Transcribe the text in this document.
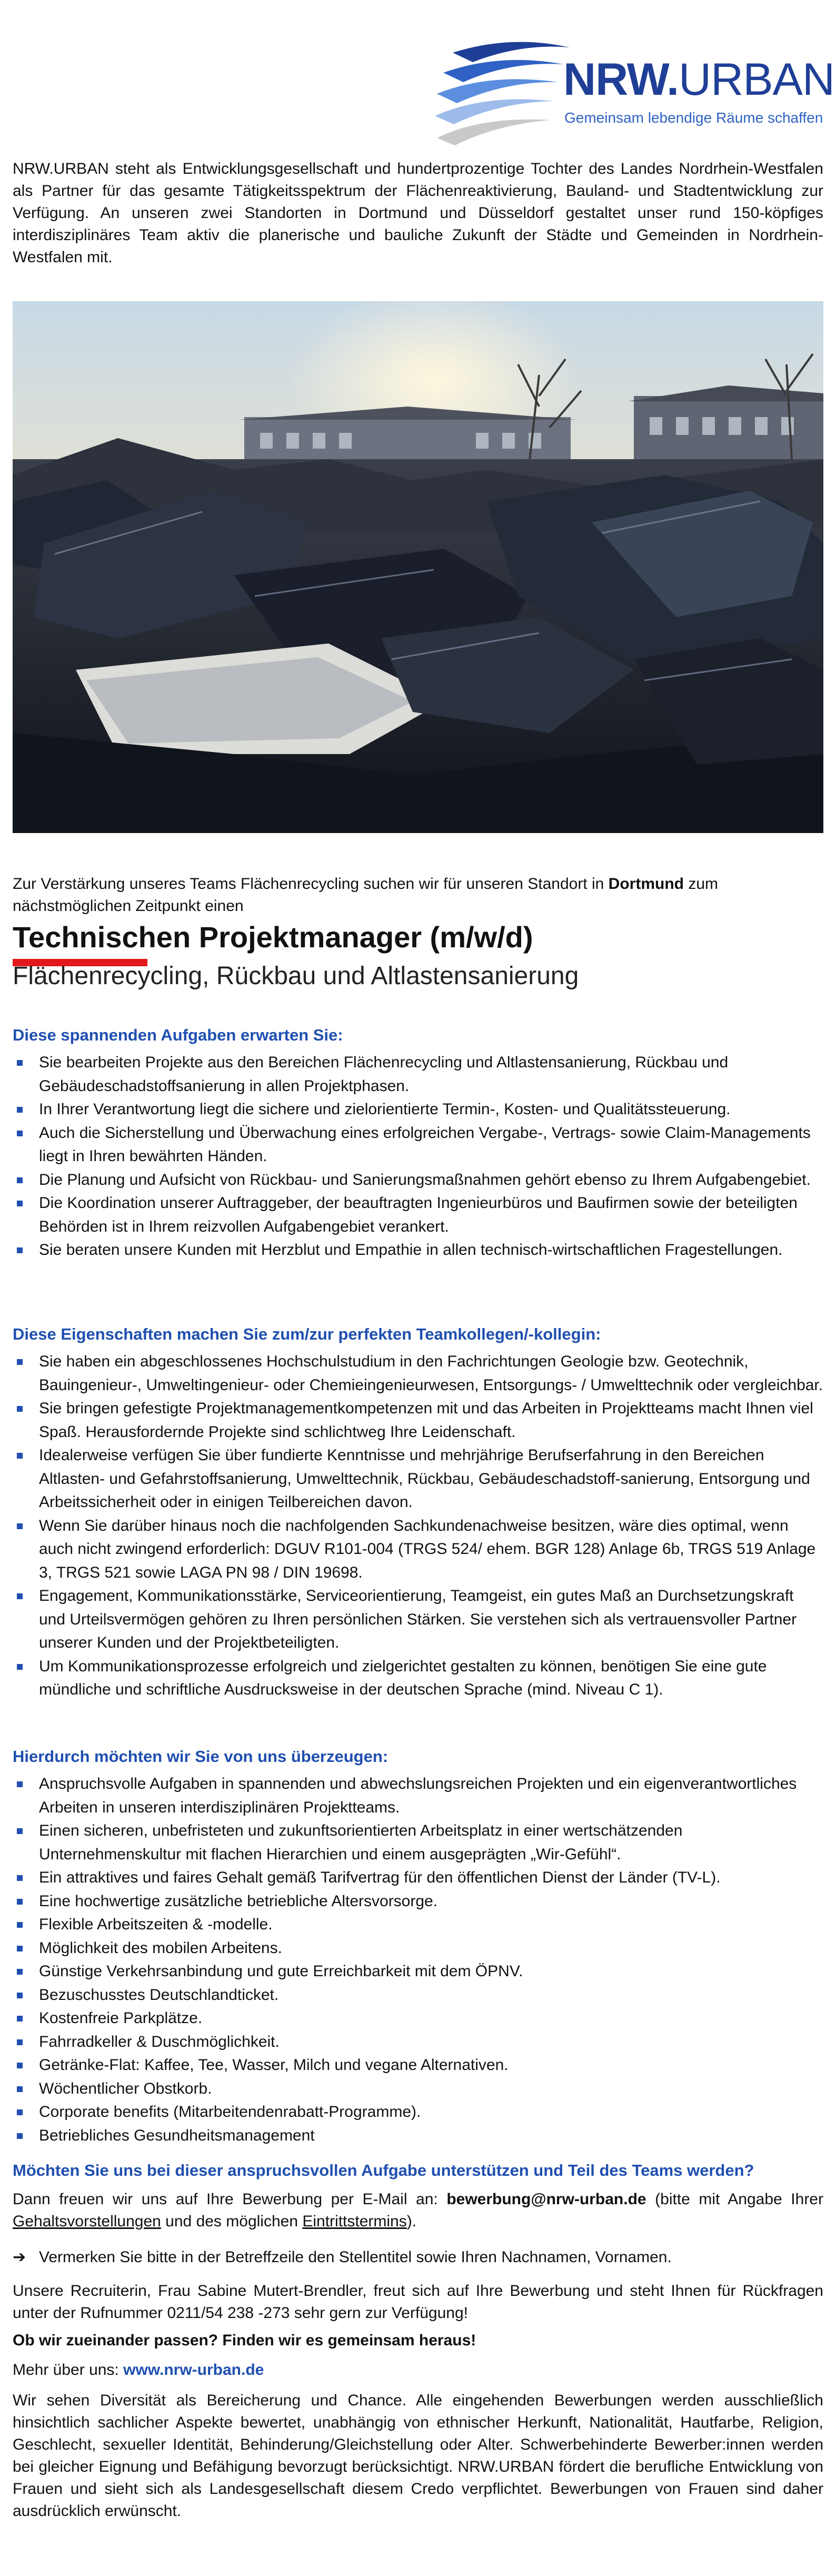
NRW.URBAN
Gemeinsam lebendige Räume schaffen

NRW.URBAN steht als Entwicklungsgesellschaft und hundertprozentige Tochter des Landes Nordrhein-Westfalen als Partner für das gesamte Tätigkeitsspektrum der Flächenreaktivierung, Bauland- und Stadtentwicklung zur Verfügung. An unseren zwei Standorten in Dortmund und Düsseldorf gestaltet unser rund 150-köpfiges interdisziplinäres Team aktiv die planerische und bauliche Zukunft der Städte und Gemeinden in Nordrhein-Westfalen mit.

Zur Verstärkung unseres Teams Flächenrecycling suchen wir für unseren Standort in Dortmund zum nächstmöglichen Zeitpunkt einen

Technischen Projektmanager (m/w/d)
Flächenrecycling, Rückbau und Altlastensanierung
Diese spannenden Aufgaben erwarten Sie:
Sie bearbeiten Projekte aus den Bereichen Flächenrecycling und Altlastensanierung, Rückbau und Gebäudeschadstoffsanierung in allen Projektphasen.
In Ihrer Verantwortung liegt die sichere und zielorientierte Termin-, Kosten- und Qualitätssteuerung.
Auch die Sicherstellung und Überwachung eines erfolgreichen Vergabe-, Vertrags- sowie Claim-Managements liegt in Ihren bewährten Händen.
Die Planung und Aufsicht von Rückbau- und Sanierungsmaßnahmen gehört ebenso zu Ihrem Aufgabengebiet.
Die Koordination unserer Auftraggeber, der beauftragten Ingenieurbüros und Baufirmen sowie der beteiligten Behörden ist in Ihrem reizvollen Aufgabengebiet verankert.
Sie beraten unsere Kunden mit Herzblut und Empathie in allen technisch-wirtschaftlichen Fragestellungen.
Diese Eigenschaften machen Sie zum/zur perfekten Teamkollegen/-kollegin:
Sie haben ein abgeschlossenes Hochschulstudium in den Fachrichtungen Geologie bzw. Geotechnik, Bauingenieur-, Umweltingenieur- oder Chemieingenieurwesen, Entsorgungs- / Umwelttechnik oder vergleichbar.
Sie bringen gefestigte Projektmanagementkompetenzen mit und das Arbeiten in Projektteams macht Ihnen viel Spaß. Herausfordernde Projekte sind schlichtweg Ihre Leidenschaft.
Idealerweise verfügen Sie über fundierte Kenntnisse und mehrjährige Berufserfahrung in den Bereichen Altlasten- und Gefahrstoffsanierung, Umwelttechnik, Rückbau, Gebäudeschadstoff-sanierung, Entsorgung und Arbeitssicherheit oder in einigen Teilbereichen davon.
Wenn Sie darüber hinaus noch die nachfolgenden Sachkundenachweise besitzen, wäre dies optimal, wenn auch nicht zwingend erforderlich: DGUV R101-004 (TRGS 524/ ehem. BGR 128) Anlage 6b, TRGS 519 Anlage 3, TRGS 521 sowie LAGA PN 98 / DIN 19698.
Engagement, Kommunikationsstärke, Serviceorientierung, Teamgeist, ein gutes Maß an Durchsetzungskraft und Urteilsvermögen gehören zu Ihren persönlichen Stärken. Sie verstehen sich als vertrauensvoller Partner unserer Kunden und der Projektbeteiligten.
Um Kommunikationsprozesse erfolgreich und zielgerichtet gestalten zu können, benötigen Sie eine gute mündliche und schriftliche Ausdrucksweise in der deutschen Sprache (mind. Niveau C 1).
Hierdurch möchten wir Sie von uns überzeugen:
Anspruchsvolle Aufgaben in spannenden und abwechslungsreichen Projekten und ein eigenverantwortliches Arbeiten in unseren interdisziplinären Projektteams.
Einen sicheren, unbefristeten und zukunftsorientierten Arbeitsplatz in einer wertschätzenden Unternehmenskultur mit flachen Hierarchien und einem ausgeprägten „Wir-Gefühl“.
Ein attraktives und faires Gehalt gemäß Tarifvertrag für den öffentlichen Dienst der Länder (TV-L).
Eine hochwertige zusätzliche betriebliche Altersvorsorge.
Flexible Arbeitszeiten & -modelle.
Möglichkeit des mobilen Arbeitens.
Günstige Verkehrsanbindung und gute Erreichbarkeit mit dem ÖPNV.
Bezuschusstes Deutschlandticket.
Kostenfreie Parkplätze.
Fahrradkeller & Duschmöglichkeit.
Getränke-Flat: Kaffee, Tee, Wasser, Milch und vegane Alternativen.
Wöchentlicher Obstkorb.
Corporate benefits (Mitarbeitendenrabatt-Programme).
Betriebliches Gesundheitsmanagement
Möchten Sie uns bei dieser anspruchsvollen Aufgabe unterstützen und Teil des Teams werden?

Dann freuen wir uns auf Ihre Bewerbung per E-Mail an: bewerbung@nrw-urban.de (bitte mit Angabe Ihrer Gehaltsvorstellungen und des möglichen Eintrittstermins).

➔ Vermerken Sie bitte in der Betreffzeile den Stellentitel sowie Ihren Nachnamen, Vornamen.

Unsere Recruiterin, Frau Sabine Mutert-Brendler, freut sich auf Ihre Bewerbung und steht Ihnen für Rückfragen unter der Rufnummer 0211/54 238 -273 sehr gern zur Verfügung!

Ob wir zueinander passen? Finden wir es gemeinsam heraus!

Mehr über uns: www.nrw-urban.de

Wir sehen Diversität als Bereicherung und Chance. Alle eingehenden Bewerbungen werden ausschließlich hinsichtlich sachlicher Aspekte bewertet, unabhängig von ethnischer Herkunft, Nationalität, Hautfarbe, Religion, Geschlecht, sexueller Identität, Behinderung/Gleichstellung oder Alter. Schwerbehinderte Bewerber:innen werden bei gleicher Eignung und Befähigung bevorzugt berücksichtigt. NRW.URBAN fördert die berufliche Entwicklung von Frauen und sieht sich als Landesgesellschaft diesem Credo verpflichtet. Bewerbungen von Frauen sind daher ausdrücklich erwünscht.
